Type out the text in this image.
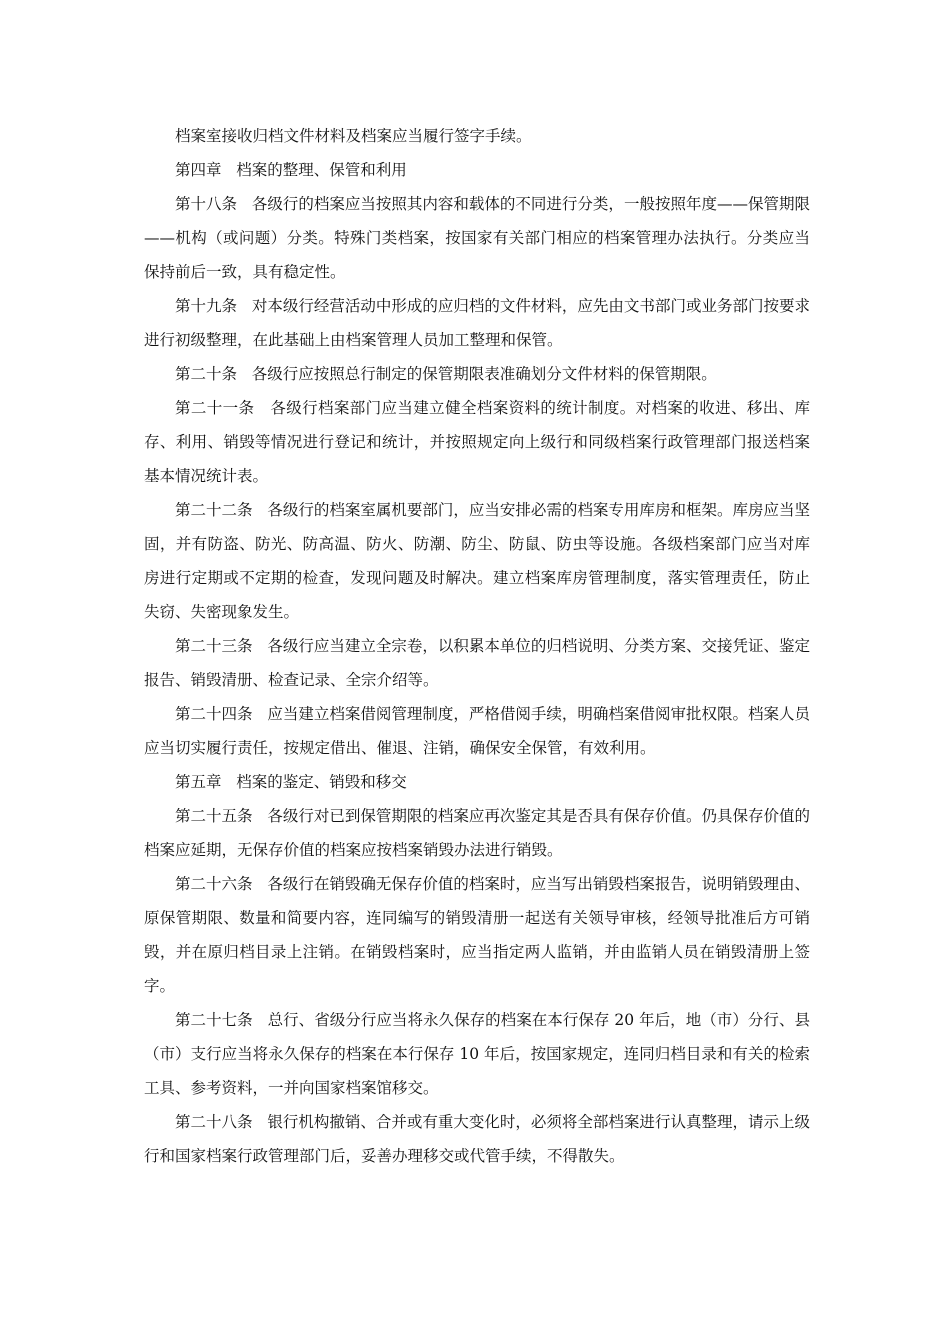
档案室接收归档文件材料及档案应当履行签字手续。

第四章 档案的整理、保管和利用

第十八条 各级行的档案应当按照其内容和载体的不同进行分类，一般按照年度——保管期限——机构（或问题）分类。特殊门类档案，按国家有关部门相应的档案管理办法执行。分类应当保持前后一致，具有稳定性。

第十九条 对本级行经营活动中形成的应归档的文件材料，应先由文书部门或业务部门按要求进行初级整理，在此基础上由档案管理人员加工整理和保管。

第二十条 各级行应按照总行制定的保管期限表准确划分文件材料的保管期限。

第二十一条 各级行档案部门应当建立健全档案资料的统计制度。对档案的收进、移出、库存、利用、销毁等情况进行登记和统计，并按照规定向上级行和同级档案行政管理部门报送档案基本情况统计表。

第二十二条 各级行的档案室属机要部门，应当安排必需的档案专用库房和框架。库房应当坚固，并有防盗、防光、防高温、防火、防潮、防尘、防鼠、防虫等设施。各级档案部门应当对库房进行定期或不定期的检查，发现问题及时解决。建立档案库房管理制度，落实管理责任，防止失窃、失密现象发生。

第二十三条 各级行应当建立全宗卷，以积累本单位的归档说明、分类方案、交接凭证、鉴定报告、销毁清册、检查记录、全宗介绍等。

第二十四条 应当建立档案借阅管理制度，严格借阅手续，明确档案借阅审批权限。档案人员应当切实履行责任，按规定借出、催退、注销，确保安全保管，有效利用。

第五章 档案的鉴定、销毁和移交

第二十五条 各级行对已到保管期限的档案应再次鉴定其是否具有保存价值。仍具保存价值的档案应延期，无保存价值的档案应按档案销毁办法进行销毁。

第二十六条 各级行在销毁确无保存价值的档案时，应当写出销毁档案报告，说明销毁理由、原保管期限、数量和简要内容，连同编写的销毁清册一起送有关领导审核，经领导批准后方可销毁，并在原归档目录上注销。在销毁档案时，应当指定两人监销，并由监销人员在销毁清册上签字。

第二十七条 总行、省级分行应当将永久保存的档案在本行保存 20 年后，地（市）分行、县（市）支行应当将永久保存的档案在本行保存 10 年后，按国家规定，连同归档目录和有关的检索工具、参考资料，一并向国家档案馆移交。

第二十八条 银行机构撤销、合并或有重大变化时，必须将全部档案进行认真整理，请示上级行和国家档案行政管理部门后，妥善办理移交或代管手续，不得散失。
